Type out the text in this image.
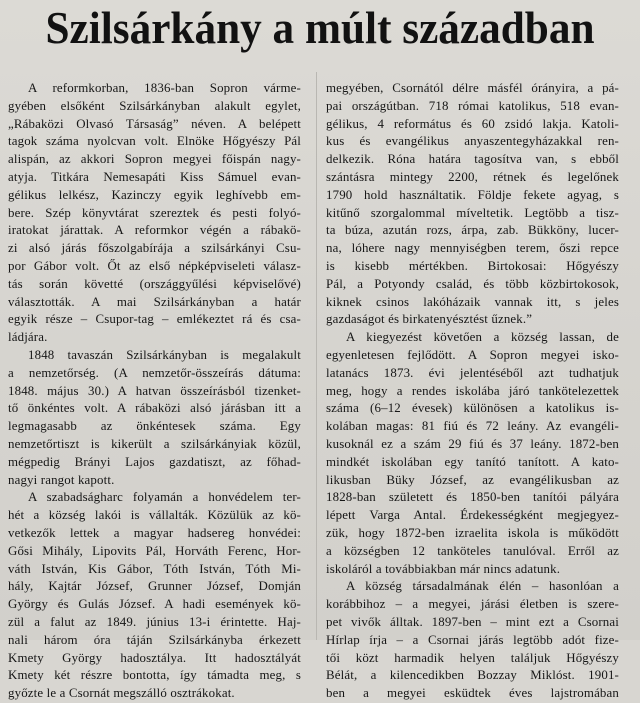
Szilsárkány a múlt században
A reformkorban, 1836-ban Sopron várme-
gyében elsőként Szilsárkányban alakult egylet,
„Rábaközi Olvasó Társaság” néven. A belépett
tagok száma nyolcvan volt. Elnöke Hőgyészy Pál
alispán, az akkori Sopron megyei főispán nagy-
atyja. Titkára Nemesapáti Kiss Sámuel evan-
gélikus lelkész, Kazinczy egyik leghívebb em-
bere. Szép könyvtárat szereztek és pesti folyó-
iratokat járattak. A reformkor végén a rábakö-
zi alsó járás főszolgabírája a szilsárkányi Csu-
por Gábor volt. Őt az első népképviseleti válasz-
tás során követté (országgyűlési képviselővé)
választották. A mai Szilsárkányban a határ
egyik része – Csupor-tag – emlékeztet rá és csa-
ládjára.
1848 tavaszán Szilsárkányban is megalakult
a nemzetőrség. (A nemzetőr-összeírás dátuma:
1848. május 30.) A hatvan összeírásból tizenket-
tő önkéntes volt. A rábaközi alsó járásban itt a
legmagasabb az önkéntesek száma. Egy
nemzetőrtiszt is kikerült a szilsárkányiak közül,
mégpedig Brányi Lajos gazdatiszt, az főhad-
nagyi rangot kapott.
A szabadságharc folyamán a honvédelem ter-
hét a község lakói is vállalták. Közülük az kö-
vetkezők lettek a magyar hadsereg honvédei:
Gősi Mihály, Lipovits Pál, Horváth Ferenc, Hor-
váth István, Kis Gábor, Tóth István, Tóth Mi-
hály, Kajtár József, Grunner József, Domján
György és Gulás József. A hadi események kö-
zül a falut az 1849. június 13-i érintette. Haj-
nali három óra táján Szilsárkányba érkezett
Kmety György hadosztálya. Itt hadosztályát
Kmety két részre bontotta, így támadta meg, s
győzte le a Csornát megszálló osztrákokat.
megyében, Csornától délre másfél órányira, a pá-
pai országútban. 718 római katolikus, 518 evan-
gélikus, 4 református és 60 zsidó lakja. Katoli-
kus és evangélikus anyaszentegyházakkal ren-
delkezik. Róna határa tagosítva van, s ebből
szántásra mintegy 2200, rétnek és legelőnek
1790 hold használtatik. Földje fekete agyag, s
kitűnő szorgalommal míveltetik. Legtöbb a tisz-
ta búza, azután rozs, árpa, zab. Bükköny, lucer-
na, lóhere nagy mennyiségben terem, őszi repce
is kisebb mértékben. Birtokosai: Hőgyészy
Pál, a Potyondy család, és több közbirtokosok,
kiknek csinos lakóházaik vannak itt, s jeles
gazdaságot és birkatenyésztést űznek.”
A kiegyezést követően a község lassan, de
egyenletesen fejlődött. A Sopron megyei isko-
latanács 1873. évi jelentéséből azt tudhatjuk
meg, hogy a rendes iskolába járó tankötelezettek
száma (6–12 évesek) különösen a katolikus is-
kolában magas: 81 fiú és 72 leány. Az evangéli-
kusoknál ez a szám 29 fiú és 37 leány. 1872-ben
mindkét iskolában egy tanító tanított. A kato-
likusban Büky József, az evangélikusban az
1828-ban született és 1850-ben tanítói pályára
lépett Varga Antal. Érdekességként megjegyez-
zük, hogy 1872-ben izraelita iskola is működött
a községben 12 tanköteles tanulóval. Erről az
iskoláról a továbbiakban már nincs adatunk.
A község társadalmának élén – hasonlóan a
korábbihoz – a megyei, járási életben is szere-
pet vivők álltak. 1897-ben – mint ezt a Csornai
Hírlap írja – a Csornai járás legtöbb adót fize-
tői közt harmadik helyen találjuk Hőgyészy
Bélát, a kilencedikben Bozzay Miklóst. 1901-
ben a megyei esküdtek éves lajstromában
